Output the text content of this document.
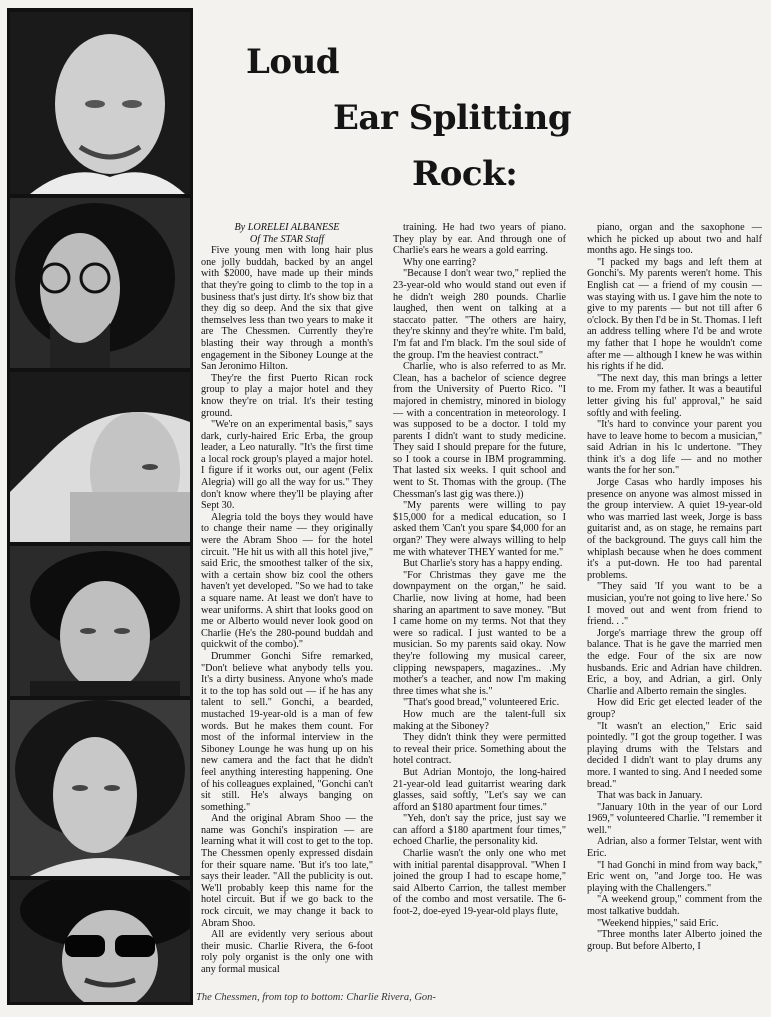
Loud
Ear Splitting
Rock:

By LORELEI ALBANESE

Of The STAR Staff

Five young men with long hair plus one jolly buddah, backed by an angel with $2000, have made up their minds that they're going to climb to the top in a business that's just dirty. It's show biz that they dig so deep. And the six that give themselves less than two years to make it are The Chessmen. Currently they're blasting their way through a month's engagement in the Siboney Lounge at the San Jeronimo Hilton.

They're the first Puerto Rican rock group to play a major hotel and they know they're on trial. It's their testing ground.

"We're on an experimental basis," says dark, curly-haired Eric Erba, the group leader, a Leo naturally. "It's the first time a local rock group's played a major hotel. I figure if it works out, our agent (Felix Alegria) will go all the way for us." They don't know where they'll be playing after Sept 30.

Alegria told the boys they would have to change their name — they originally were the Abram Shoo — for the hotel circuit. "He hit us with all this hotel jive," said Eric, the smoothest talker of the six, with a certain show biz cool the others haven't yet developed. "So we had to take a square name. At least we don't have to wear uniforms. A shirt that looks good on me or Alberto would never look good on Charlie (He's the 280-pound buddah and quickwit of the combo)."

Drummer Gonchi Sifre remarked, "Don't believe what anybody tells you. It's a dirty business. Anyone who's made it to the top has sold out — if he has any talent to sell." Gonchi, a bearded, mustached 19-year-old is a man of few words. But he makes them count. For most of the informal interview in the Siboney Lounge he was hung up on his new camera and the fact that he didn't feel anything interesting happening. One of his colleagues explained, "Gonchi can't sit still. He's always banging on something."

And the original Abram Shoo — the name was Gonchi's inspiration — are learning what it will cost to get to the top. The Chessmen openly expressed disdain for their square name. 'But it's too late," says their leader. "All the publicity is out. We'll probably keep this name for the hotel circuit. But if we go back to the rock circuit, we may change it back to Abram Shoo.

All are evidently very serious about their music. Charlie Rivera, the 6-foot roly poly organist is the only one with any formal musical

training. He had two years of piano. They play by ear. And through one of Charlie's ears he wears a gold earring.

Why one earring?

"Because I don't wear two," replied the 23-year-old who would stand out even if he didn't weigh 280 pounds. Charlie laughed, then went on talking at a staccato patter. "The others are hairy, they're skinny and they're white. I'm bald, I'm fat and I'm black. I'm the soul side of the group. I'm the heaviest contract."

Charlie, who is also referred to as Mr. Clean, has a bachelor of science degree from the University of Puerto Rico. "I majored in chemistry, minored in biology — with a concentration in meteorology. I was supposed to be a doctor. I told my parents I didn't want to study medicine. They said I should prepare for the future, so I took a course in IBM programming. That lasted six weeks. I quit school and went to St. Thomas with the group. (The Chessman's last gig was there.))

"My parents were willing to pay $15,000 for a medical education, so I asked them 'Can't you spare $4,000 for an organ?' They were always willing to help me with whatever THEY wanted for me."

But Charlie's story has a happy ending.

"For Christmas they gave me the downpayment on the organ," he said. Charlie, now living at home, had been sharing an apartment to save money. "But I came home on my terms. Not that they were so radical. I just wanted to be a musician. So my parents said okay. Now they're following my musical career, clipping newspapers, magazines.. .My mother's a teacher, and now I'm making three times what she is."

"That's good bread," volunteered Eric.

How much are the talent-full six making at the Siboney?

They didn't think they were permitted to reveal their price. Something about the hotel contract.

But Adrian Montojo, the long-haired 21-year-old lead guitarrist wearing dark glasses, said softly, "Let's say we can afford an $180 apartment four times."

"Yeh, don't say the price, just say we can afford a $180 apartment four times," echoed Charlie, the personality kid.

Charlie wasn't the only one who met with initial parental disapproval. "When I joined the group I had to escape home," said Alberto Carrion, the tallest member of the combo and most versatile. The 6-foot-2, doe-eyed 19-year-old plays flute,

piano, organ and the saxophone — which he picked up about two and half months ago. He sings too.

"I packed my bags and left them at Gonchi's. My parents weren't home. This English cat — a friend of my cousin — was staying with us. I gave him the note to give to my parents — but not till after 6 o'clock. By then I'd be in St. Thomas. I left an address telling where I'd be and wrote my father that I hope he wouldn't come after me — although I knew he was within his rights if he did.

"The next day, this man brings a letter to me. From my father. It was a beautiful letter giving his ful' approval," he said softly and with feeling.

"It's hard to convince your parent you have to leave home to becom a musician," said Adrian in his lc undertone. "They think it's a dog life — and no mother wants the for her son."

Jorge Casas who hardly imposes his presence on anyone was almost missed in the group interview. A quiet 19-year-old who was married last week, Jorge is bass guitarist and, as on stage, he remains part of the background. The guys call him the whiplash because when he does comment it's a put-down. He too had parental problems.

"They said 'If you want to be a musician, you're not going to live here.' So I moved out and went from friend to friend. . ."

Jorge's marriage threw the group off balance. That is he gave the married men the edge. Four of the six are now husbands. Eric and Adrian have children. Eric, a boy, and Adrian, a girl. Only Charlie and Alberto remain the singles.

How did Eric get elected leader of the group?

"It wasn't an election," Eric said pointedly. "I got the group together. I was playing drums with the Telstars and decided I didn't want to play drums any more. I wanted to sing. And I needed some bread."

That was back in January.

"January 10th in the year of our Lord 1969," volunteered Charlie. "I remember it well."

Adrian, also a former Telstar, went with Eric.

"I had Gonchi in mind from way back," Eric went on, "and Jorge too. He was playing with the Challengers."

"A weekend group," comment from the most talkative buddah.

"Weekend hippies," said Eric.

"Three months later Alberto joined the group. But before Alberto, I

The Chessmen, from top to bottom: Charlie Rivera, Gon-
